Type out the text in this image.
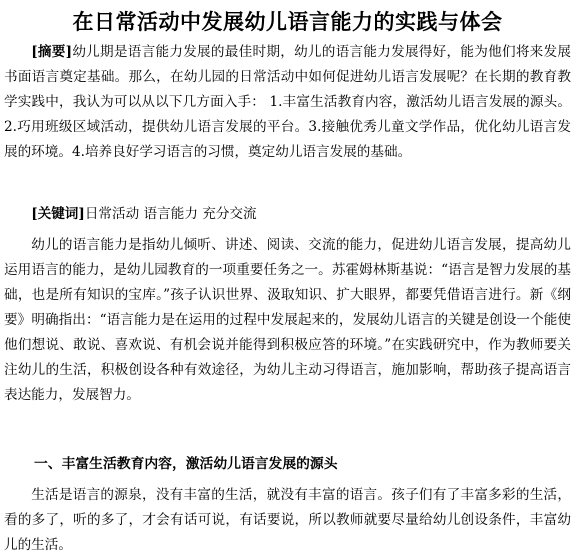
在日常活动中发展幼儿语言能力的实践与体会
[摘要]幼儿期是语言能力发展的最佳时期，幼儿的语言能力发展得好，能为他们将来发展书面语言奠定基础。那么，在幼儿园的日常活动中如何促进幼儿语言发展呢？在长期的教育教学实践中，我认为可以从以下几方面入手： 1.丰富生活教育内容，激活幼儿语言发展的源头。2.巧用班级区域活动，提供幼儿语言发展的平台。3.接触优秀儿童文学作品，优化幼儿语言发展的环境。4.培养良好学习语言的习惯，奠定幼儿语言发展的基础。
[关键词]日常活动 语言能力 充分交流
幼儿的语言能力是指幼儿倾听、讲述、阅读、交流的能力，促进幼儿语言发展，提高幼儿运用语言的能力，是幼儿园教育的一项重要任务之一。苏霍姆林斯基说：“语言是智力发展的基础，也是所有知识的宝库。”孩子认识世界、汲取知识、扩大眼界，都要凭借语言进行。新《纲要》明确指出：“语言能力是在运用的过程中发展起来的，发展幼儿语言的关键是创设一个能使他们想说、敢说、喜欢说、有机会说并能得到积极应答的环境。”在实践研究中，作为教师要关注幼儿的生活，积极创设各种有效途径，为幼儿主动习得语言，施加影响，帮助孩子提高语言表达能力，发展智力。
一、丰富生活教育内容，激活幼儿语言发展的源头
生活是语言的源泉，没有丰富的生活，就没有丰富的语言。孩子们有了丰富多彩的生活，看的多了，听的多了，才会有话可说，有话要说，所以教师就要尽量给幼儿创设条件，丰富幼儿的生活。
